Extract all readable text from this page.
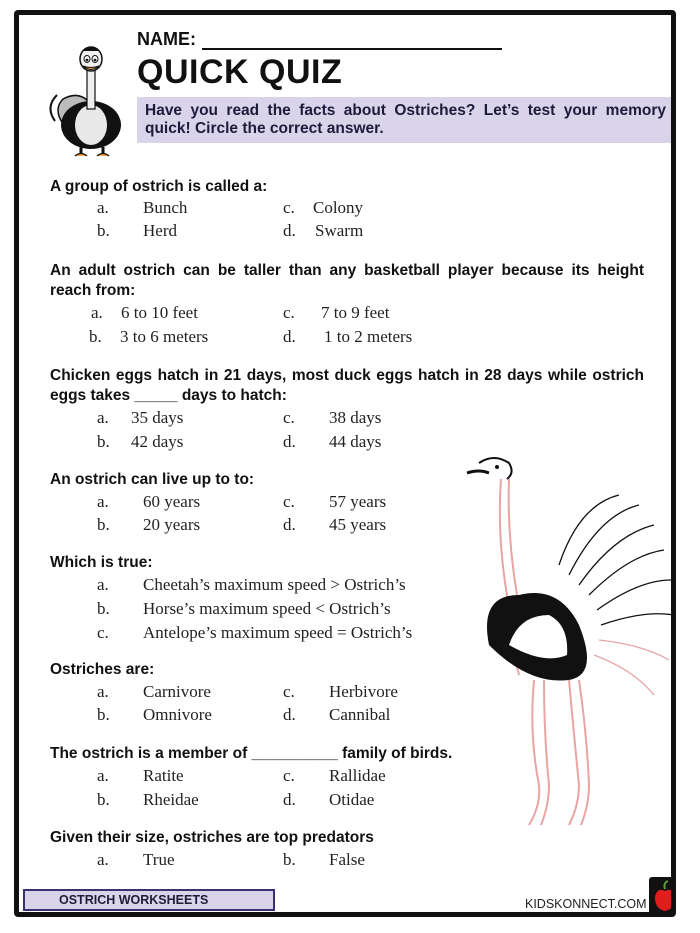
NAME:
QUICK QUIZ
Have you read the facts about Ostriches? Let’s test your memory quick! Circle the correct answer.
A group of ostrich is called a:
a. Bunch	c. Colony
b. Herd	d. Swarm
An adult ostrich can be taller than any basketball player because its height reach from:
a. 6 to 10 feet	c. 7 to 9 feet
b. 3 to 6 meters	d. 1 to 2 meters
Chicken eggs hatch in 21 days, most duck eggs hatch in 28 days while ostrich eggs takes _____ days to hatch:
a. 35 days	c. 38 days
b. 42 days	d. 44 days
An ostrich can live up to to:
a. 60 years	c. 57 years
b. 20 years	d. 45 years
Which is true:
a. Cheetah’s maximum speed > Ostrich’s
b. Horse’s maximum speed < Ostrich’s
c. Antelope’s maximum speed = Ostrich’s
Ostriches are:
a. Carnivore	c. Herbivore
b. Omnivore	d. Cannibal
The ostrich is a member of __________ family of birds.
a. Ratite	c. Rallidae
b. Rheidae	d. Otidae
Given their size, ostriches are top predators
a. True	b. False
OSTRICH WORKSHEETS	KIDSKONNECT.COM
